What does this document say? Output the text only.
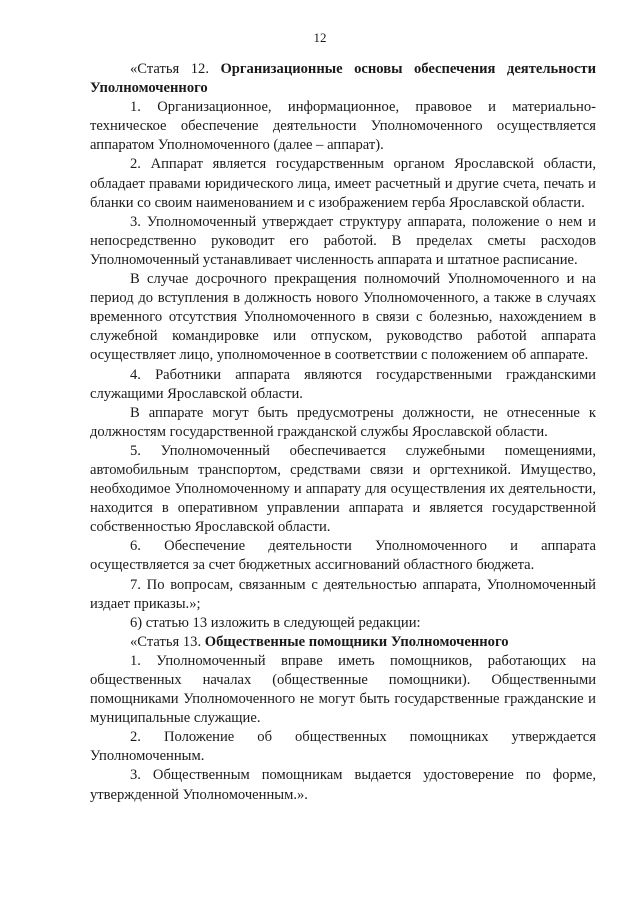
12

«Статья 12. Организационные основы обеспечения деятельности Уполномоченного

1. Организационное, информационное, правовое и материально-техническое обеспечение деятельности Уполномоченного осуществляется аппаратом Уполномоченного (далее – аппарат).

2. Аппарат является государственным органом Ярославской области, обладает правами юридического лица, имеет расчетный и другие счета, печать и бланки со своим наименованием и с изображением герба Ярославской области.

3. Уполномоченный утверждает структуру аппарата, положение о нем и непосредственно руководит его работой. В пределах сметы расходов Уполномоченный устанавливает численность аппарата и штатное расписание.

В случае досрочного прекращения полномочий Уполномоченного и на период до вступления в должность нового Уполномоченного, а также в случаях временного отсутствия Уполномоченного в связи с болезнью, нахождением в служебной командировке или отпуском, руководство работой аппарата осуществляет лицо, уполномоченное в соответствии с положением об аппарате.

4. Работники аппарата являются государственными гражданскими служащими Ярославской области.

В аппарате могут быть предусмотрены должности, не отнесенные к должностям государственной гражданской службы Ярославской области.

5. Уполномоченный обеспечивается служебными помещениями, автомобильным транспортом, средствами связи и оргтехникой. Имущество, необходимое Уполномоченному и аппарату для осуществления их деятельности, находится в оперативном управлении аппарата и является государственной собственностью Ярославской области.

6. Обеспечение деятельности Уполномоченного и аппарата осуществляется за счет бюджетных ассигнований областного бюджета.

7. По вопросам, связанным с деятельностью аппарата, Уполномоченный издает приказы.»;

6) статью 13 изложить в следующей редакции:

«Статья 13. Общественные помощники Уполномоченного

1. Уполномоченный вправе иметь помощников, работающих на общественных началах (общественные помощники). Общественными помощниками Уполномоченного не могут быть государственные гражданские и муниципальные служащие.

2. Положение об общественных помощниках утверждается Уполномоченным.

3. Общественным помощникам выдается удостоверение по форме, утвержденной Уполномоченным.».
